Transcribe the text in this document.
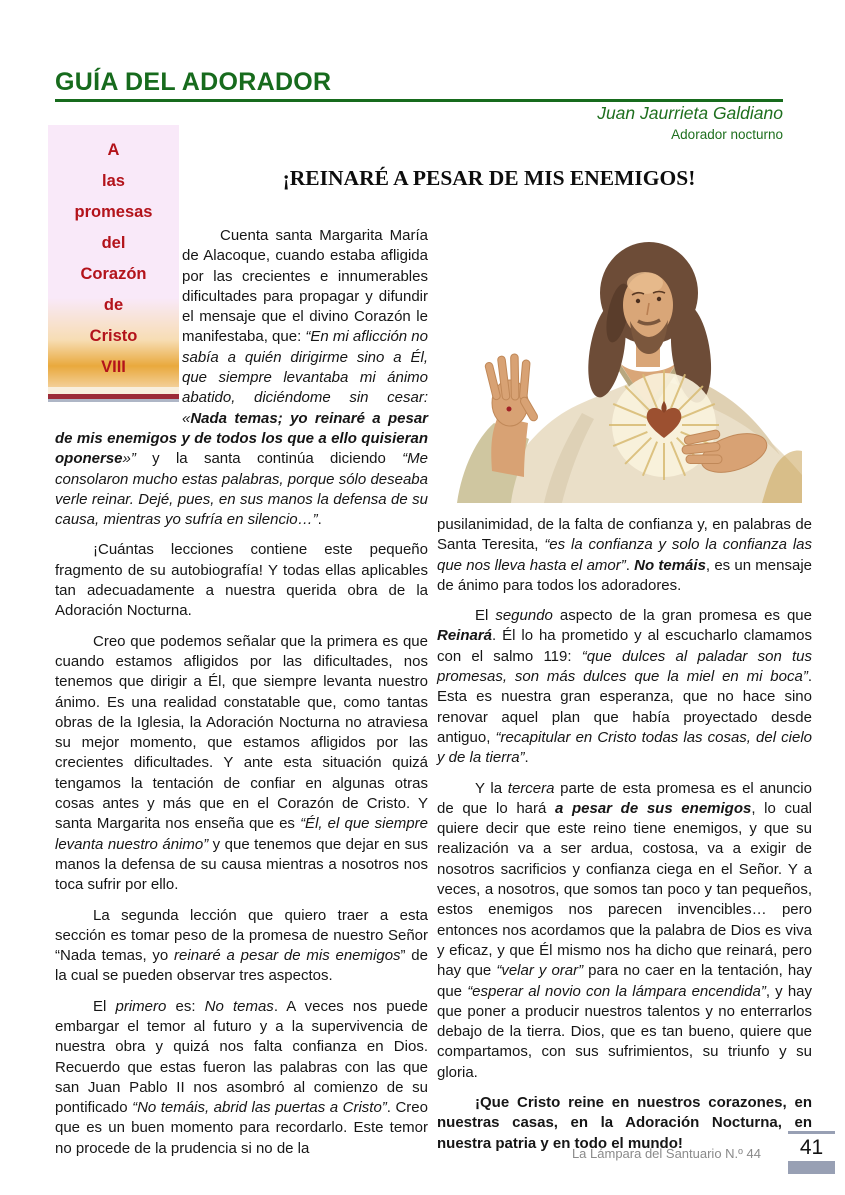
GUÍA DEL ADORADOR
Juan Jaurrieta Galdiano
Adorador nocturno
A
las
promesas
del
Corazón
de
Cristo
VIII
¡REINARÉ A PESAR DE MIS ENEMIGOS!

Cuenta santa Margarita María de Alacoque, cuando estaba afligida por las crecientes e innumerables dificultades para propagar y difundir el mensaje que el divino Corazón le manifestaba, que: “En mi aflicción no sabía a quién dirigirme sino a Él, que siempre levantaba mi ánimo abatido, diciéndome sin cesar: «Nada temas; yo reinaré a pesar de mis enemigos y de todos los que a ello quisieran oponerse»” y la santa continúa diciendo “Me consolaron mucho estas palabras, porque sólo deseaba verle reinar. Dejé, pues, en sus manos la defensa de su causa, mientras yo sufría en silencio…”.

¡Cuántas lecciones contiene este pequeño fragmento de su autobiografía! Y todas ellas aplicables tan adecuadamente a nuestra querida obra de la Adoración Nocturna.

Creo que podemos señalar que la primera es que cuando estamos afligidos por las dificultades, nos tenemos que dirigir a Él, que siempre levanta nuestro ánimo. Es una realidad constatable que, como tantas obras de la Iglesia, la Adoración Nocturna no atraviesa su mejor momento, que estamos afligidos por las crecientes dificultades. Y ante esta situación quizá tengamos la tentación de confiar en algunas otras cosas antes y más que en el Corazón de Cristo. Y santa Margarita nos enseña que es “Él, el que siempre levanta nuestro ánimo” y que tenemos que dejar en sus manos la defensa de su causa mientras a nosotros nos toca sufrir por ello.

La segunda lección que quiero traer a esta sección es tomar peso de la promesa de nuestro Señor “Nada temas, yo reinaré a pesar de mis enemigos” de la cual se pueden observar tres aspectos.

El primero es: No temas. A veces nos puede embargar el temor al futuro y a la supervivencia de nuestra obra y quizá nos falta confianza en Dios. Recuerdo que estas fueron las palabras con las que san Juan Pablo II nos asombró al comienzo de su pontificado “No temáis, abrid las puertas a Cristo”. Creo que es un buen momento para recordarlo. Este temor no procede de la prudencia si no de la

pusilanimidad, de la falta de confianza y, en palabras de Santa Teresita, “es la confianza y solo la confianza las que nos lleva hasta el amor”. No temáis, es un mensaje de ánimo para todos los adoradores.

El segundo aspecto de la gran promesa es que Reinará. Él lo ha prometido y al escucharlo clamamos con el salmo 119: “que dulces al paladar son tus promesas, son más dulces que la miel en mi boca”. Esta es nuestra gran esperanza, que no hace sino renovar aquel plan que había proyectado desde antiguo, “recapitular en Cristo todas las cosas, del cielo y de la tierra”.

Y la tercera parte de esta promesa es el anuncio de que lo hará a pesar de sus enemigos, lo cual quiere decir que este reino tiene enemigos, y que su realización va a ser ardua, costosa, va a exigir de nosotros sacrificios y confianza ciega en el Señor. Y a veces, a nosotros, que somos tan poco y tan pequeños, estos enemigos nos parecen invencibles… pero entonces nos acordamos que la palabra de Dios es viva y eficaz, y que Él mismo nos ha dicho que reinará, pero hay que “velar y orar” para no caer en la tentación, hay que “esperar al novio con la lámpara encendida”, y hay que poner a producir nuestros talentos y no enterrarlos debajo de la tierra. Dios, que es tan bueno, quiere que compartamos, con sus sufrimientos, su triunfo y su gloria.

¡Que Cristo reine en nuestros corazones, en nuestras casas, en la Adoración Nocturna, en nuestra patria y en todo el mundo!

La Lámpara del Santuario N.º 44	41
